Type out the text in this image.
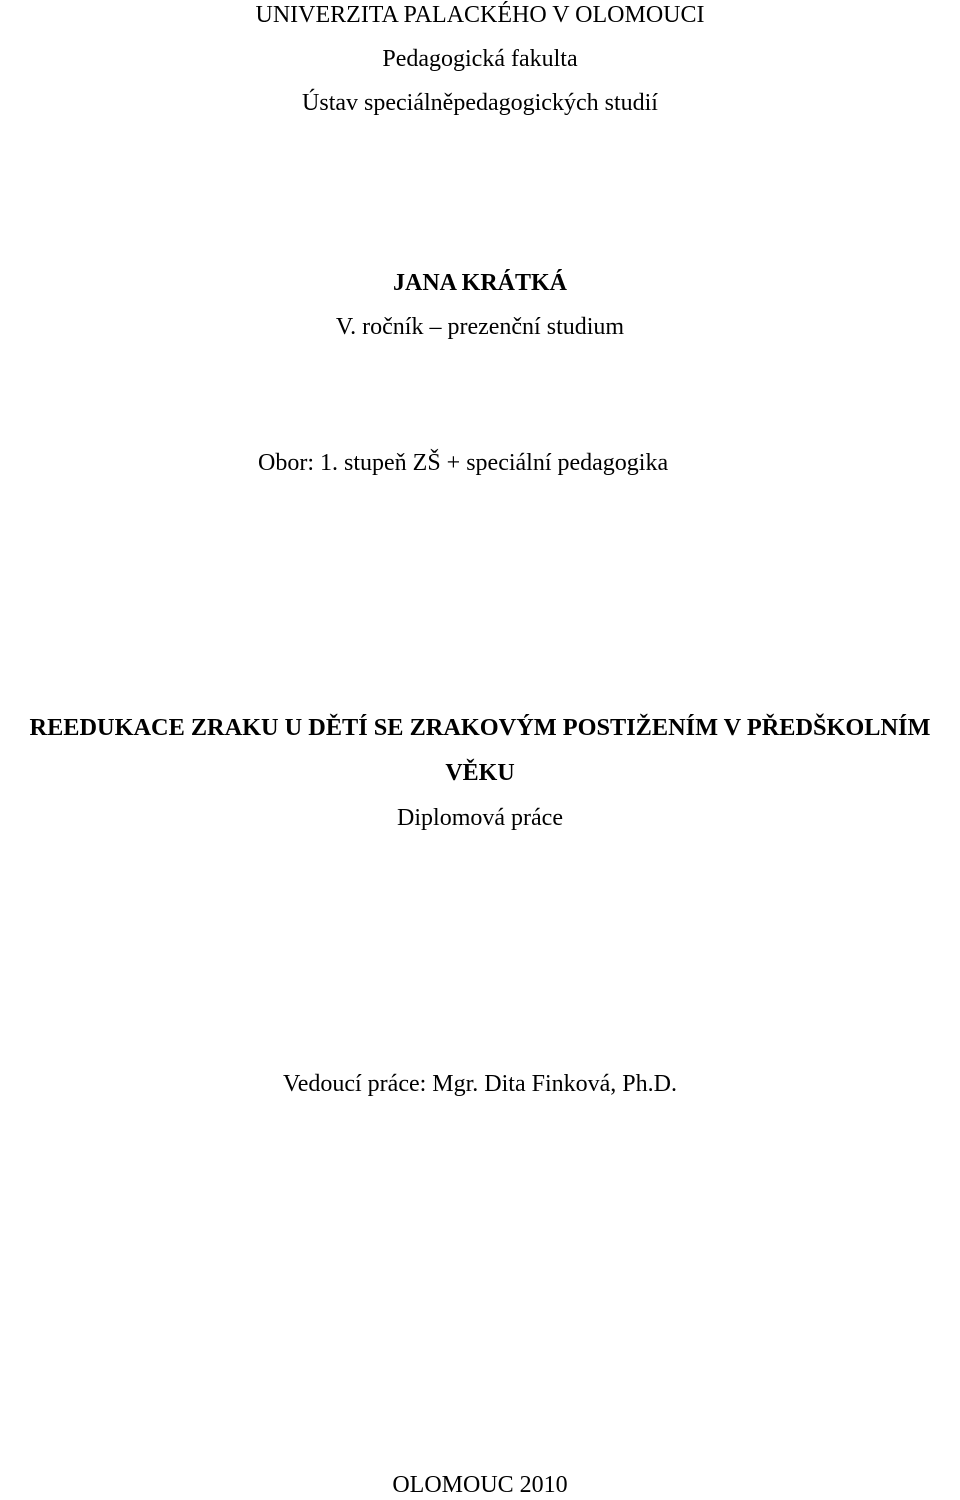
UNIVERZITA PALACKÉHO V OLOMOUCI
Pedagogická fakulta
Ústav speciálněpedagogických studií
JANA KRÁTKÁ
V. ročník – prezenční studium
Obor: 1. stupeň ZŠ + speciální pedagogika
REEDUKACE ZRAKU U DĚTÍ SE ZRAKOVÝM POSTIŽENÍM V PŘEDŠKOLNÍM
VĚKU
Diplomová práce
Vedoucí práce: Mgr. Dita Finková, Ph.D.
OLOMOUC 2010
